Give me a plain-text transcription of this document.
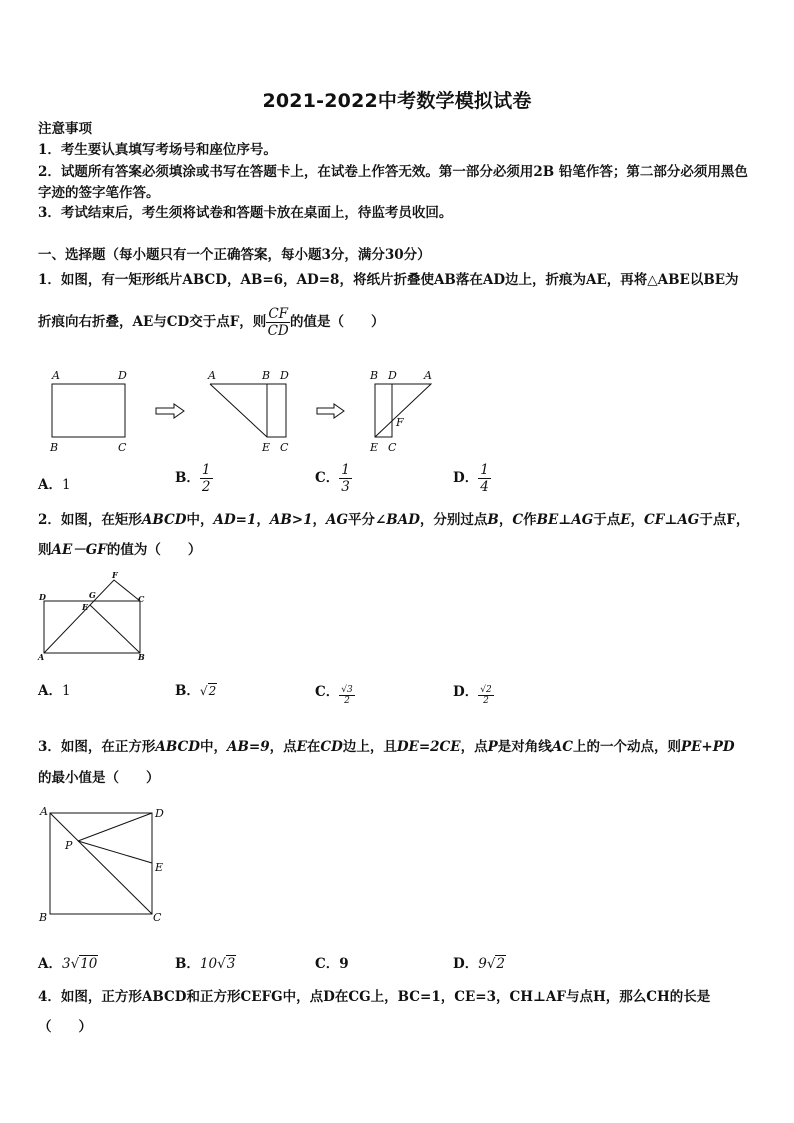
2021-2022中考数学模拟试卷
注意事项
1．考生要认真填写考场号和座位序号。
2．试题所有答案必须填涂或书写在答题卡上，在试卷上作答无效。第一部分必须用2B 铅笔作答；第二部分必须用黑色字迹的签字笔作答。
3．考试结束后，考生须将试卷和答题卡放在桌面上，待监考员收回。
一、选择题（每小题只有一个正确答案，每小题3分，满分30分）
1．如图，有一矩形纸片ABCD，AB=6，AD=8，将纸片折叠使AB落在AD边上，折痕为AE，再将△ABE以BE为
折痕向右折叠，AE与CD交于点F，则 $\frac{CF}{CD}$ 的值是（　　）
A	D
B	C
A	B D
E C
B D A
F
E C
A．1	B． $\frac{1}{2}$	C． $\frac{1}{3}$	D． $\frac{1}{4}$
2．如图，在矩形ABCD中，AD=1，AB>1，AG平分∠BAD，分别过点B，C作BE⊥AG于点E，CF⊥AG于点F，
则AE－GF的值为（　　）
D	G
E
F
C
A	B
A．1	B．√2	C． $\frac{√3}{2}$	D． $\frac{√2}{2}$
3．如图，在正方形ABCD中，AB=9，点E在CD边上，且DE=2CE，点P是对角线AC上的一个动点，则PE+PD
的最小值是（　　）
A	D
P
E
B	C
A．3√10	B．10√3	C．9	D．9√2
4．如图，正方形ABCD和正方形CEFG中，点D在CG上，BC=1，CE=3，CH⊥AF与点H，那么CH的长是
（　　）
